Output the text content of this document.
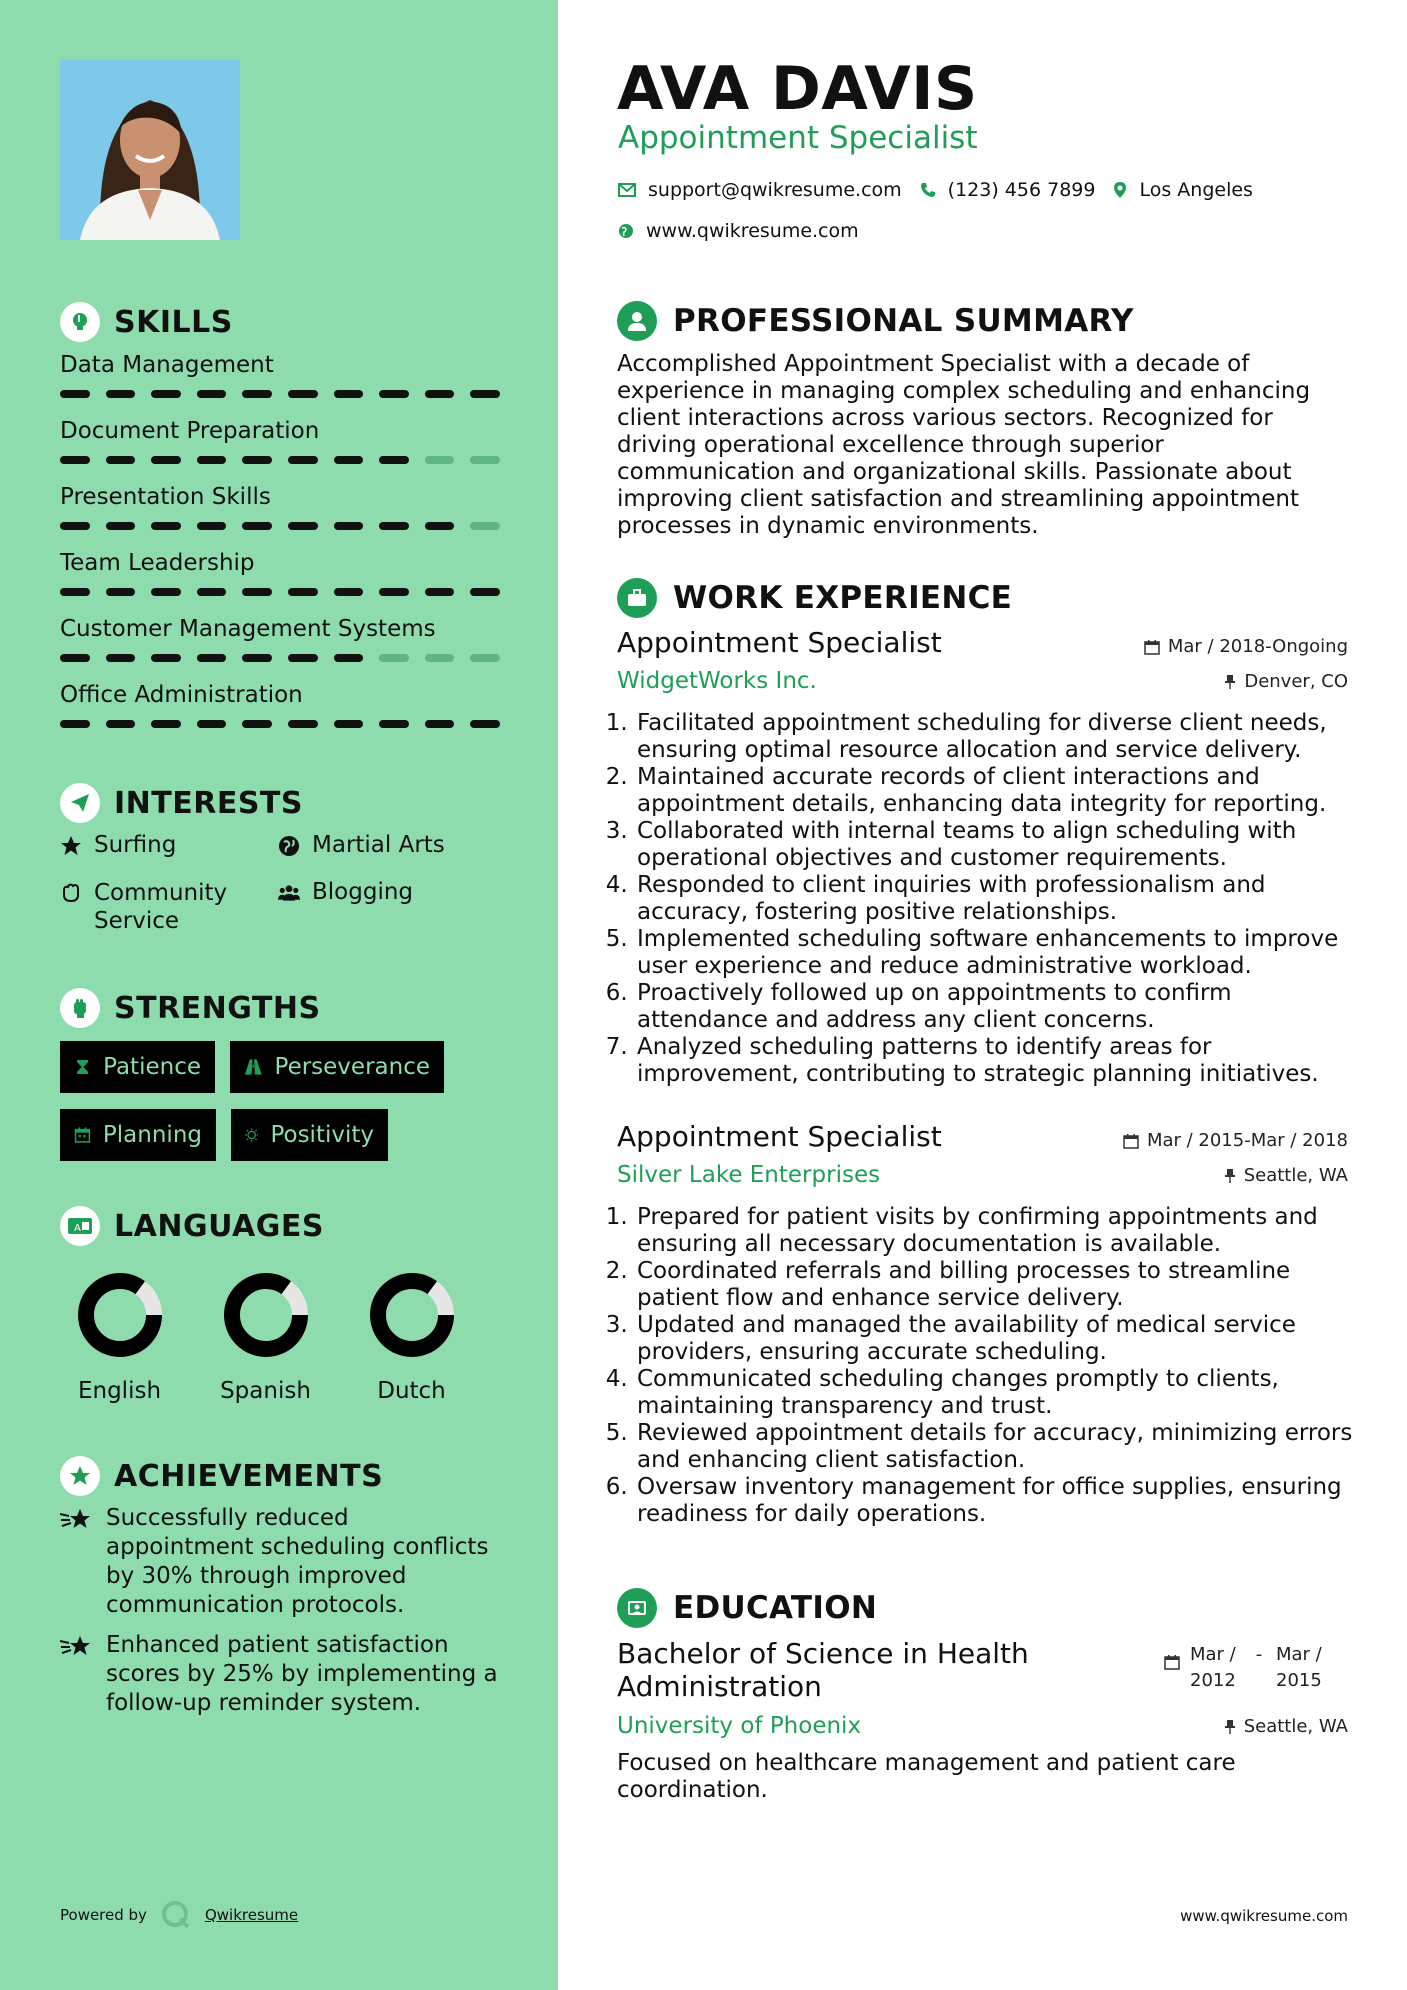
SKILLS
Data Management
Document Preparation
Presentation Skills
Team Leadership
Customer Management Systems
Office Administration
INTERESTS
Surfing	Martial Arts
Community Service
Blogging
STRENGTHS
Patience	Perseverance
Planning	Positivity
A LANGUAGES
English	Spanish	Dutch
ACHIEVEMENTS
Successfully reduced appointment scheduling conflicts by 30% through improved communication protocols.
Enhanced patient satisfaction scores by 25% by implementing a follow-up reminder system.
Powered by	Qwikresume
AVA DAVIS
Appointment Specialist
support@qwikresume.com (123) 456 7899 Los Angeles
www.qwikresume.com
PROFESSIONAL SUMMARY
Accomplished Appointment Specialist with a decade of experience in managing complex scheduling and enhancing client interactions across various sectors. Recognized for driving operational excellence through superior communication and organizational skills. Passionate about improving client satisfaction and streamlining appointment processes in dynamic environments.
WORK EXPERIENCE
Appointment Specialist	Mar / 2018-Ongoing
WidgetWorks Inc.	Denver, CO
1. Facilitated appointment scheduling for diverse client needs, ensuring optimal resource allocation and service delivery.
2. Maintained accurate records of client interactions and appointment details, enhancing data integrity for reporting.
3. Collaborated with internal teams to align scheduling with operational objectives and customer requirements.
4. Responded to client inquiries with professionalism and accuracy, fostering positive relationships.
5. Implemented scheduling software enhancements to improve user experience and reduce administrative workload.
6. Proactively followed up on appointments to confirm attendance and address any client concerns.
7. Analyzed scheduling patterns to identify areas for improvement, contributing to strategic planning initiatives.
Appointment Specialist	Mar / 2015-Mar / 2018
Silver Lake Enterprises	Seattle, WA
1. Prepared for patient visits by confirming appointments and ensuring all necessary documentation is available.
2. Coordinated referrals and billing processes to streamline patient flow and enhance service delivery.
3. Updated and managed the availability of medical service providers, ensuring accurate scheduling.
4. Communicated scheduling changes promptly to clients, maintaining transparency and trust.
5. Reviewed appointment details for accuracy, minimizing errors and enhancing client satisfaction.
6. Oversaw inventory management for office supplies, ensuring readiness for daily operations.
EDUCATION
Bachelor of Science in Health Administration
Mar / 2012
- Mar / 2015
University of Phoenix	Seattle, WA
Focused on healthcare management and patient care coordination.
www.qwikresume.com
